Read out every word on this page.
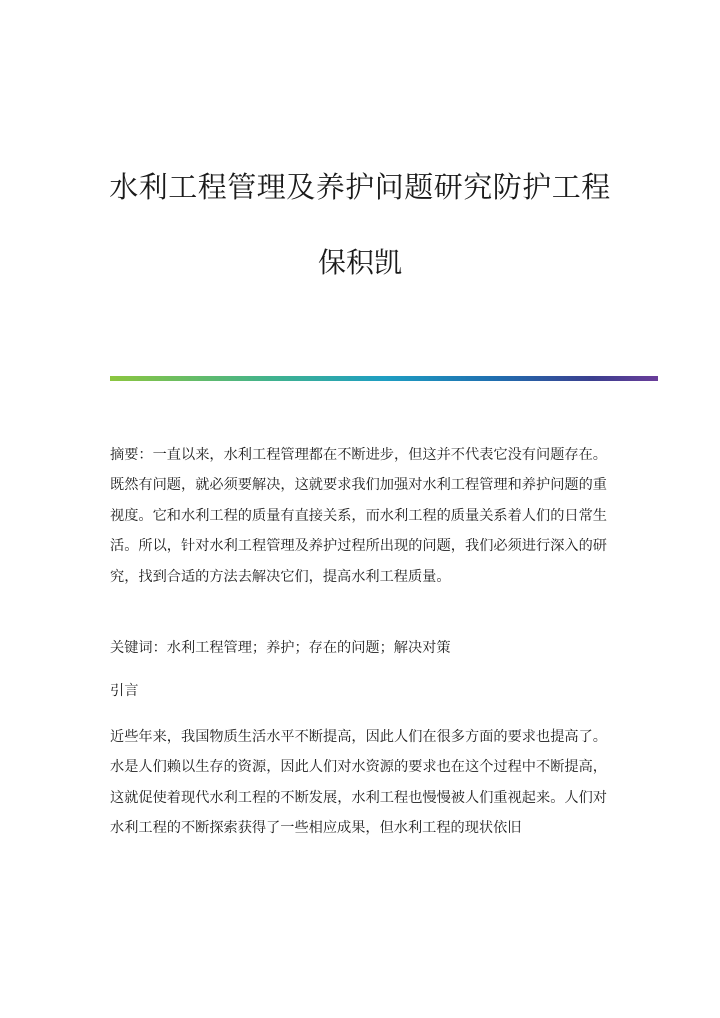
水利工程管理及养护问题研究防护工程
保积凯

摘要：一直以来，水利工程管理都在不断进步，但这并不代表它没有问题存在。既然有问题，就必须要解决，这就要求我们加强对水利工程管理和养护问题的重视度。它和水利工程的质量有直接关系，而水利工程的质量关系着人们的日常生活。所以，针对水利工程管理及养护过程所出现的问题，我们必须进行深入的研究，找到合适的方法去解决它们，提高水利工程质量。

关键词：水利工程管理；养护；存在的问题；解决对策

引言

近些年来，我国物质生活水平不断提高，因此人们在很多方面的要求也提高了。水是人们赖以生存的资源，因此人们对水资源的要求也在这个过程中不断提高，这就促使着现代水利工程的不断发展，水利工程也慢慢被人们重视起来。人们对水利工程的不断探索获得了一些相应成果，但水利工程的现状依旧
